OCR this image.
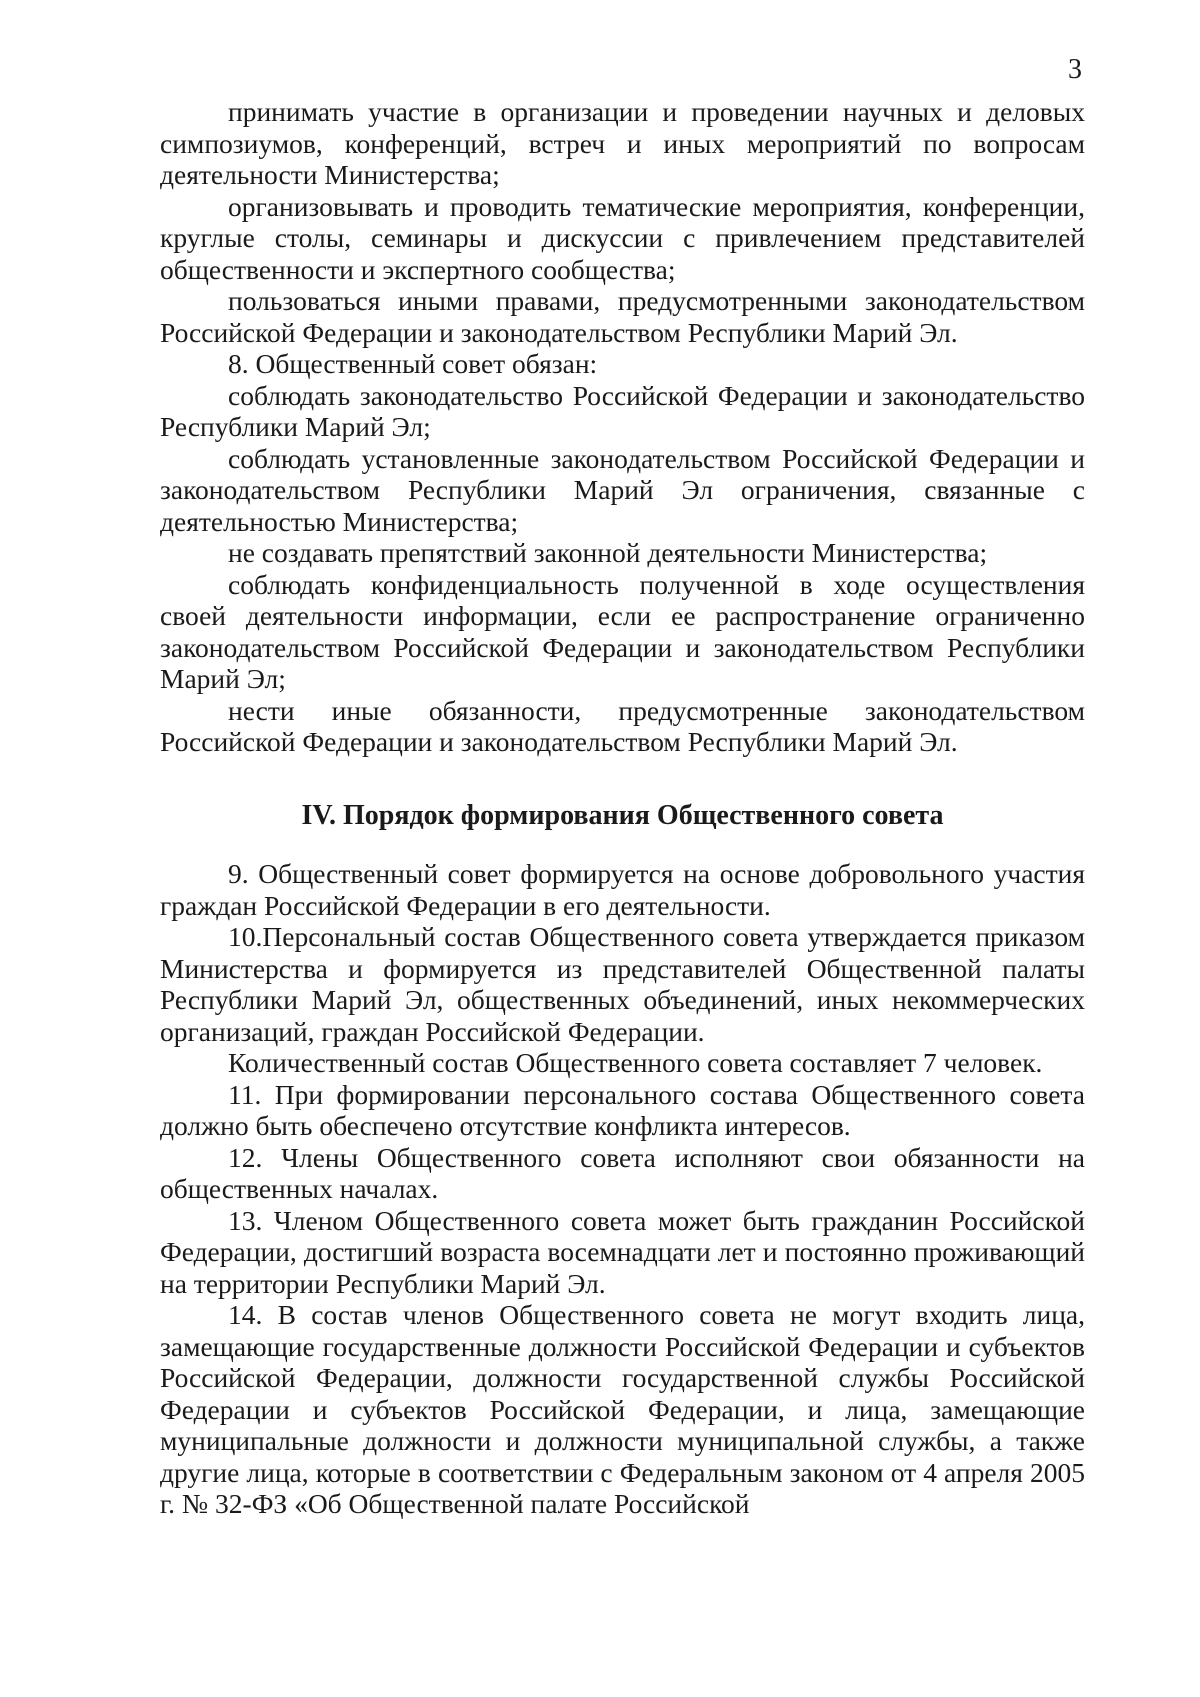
3

принимать участие в организации и проведении научных и деловых симпозиумов, конференций, встреч и иных мероприятий по вопросам деятельности Министерства;

организовывать и проводить тематические мероприятия, конференции, круглые столы, семинары и дискуссии с привлечением представителей общественности и экспертного сообщества;

пользоваться иными правами, предусмотренными законодательством Российской Федерации и законодательством Республики Марий Эл.

8. Общественный совет обязан:

соблюдать законодательство Российской Федерации и законодательство Республики Марий Эл;

соблюдать установленные законодательством Российской Федерации и законодательством Республики Марий Эл ограничения, связанные с деятельностью Министерства;

не создавать препятствий законной деятельности Министерства;

соблюдать конфиденциальность полученной в ходе осуществления своей деятельности информации, если ее распространение ограниченно законодательством Российской Федерации и законодательством Республики Марий Эл;

нести иные обязанности, предусмотренные законодательством Российской Федерации и законодательством Республики Марий Эл.

IV. Порядок формирования Общественного совета

9. Общественный совет формируется на основе добровольного участия граждан Российской Федерации в его деятельности.

10.Персональный состав Общественного совета утверждается приказом Министерства и формируется из представителей Общественной палаты Республики Марий Эл, общественных объединений, иных некоммерческих организаций, граждан Российской Федерации.

Количественный состав Общественного совета составляет 7 человек.

11. При формировании персонального состава Общественного совета должно быть обеспечено отсутствие конфликта интересов.

12. Члены Общественного совета исполняют свои обязанности на общественных началах.

13. Членом Общественного совета может быть гражданин Российской Федерации, достигший возраста восемнадцати лет и постоянно проживающий на территории Республики Марий Эл.

14. В состав членов Общественного совета не могут входить лица, замещающие государственные должности Российской Федерации и субъектов Российской Федерации, должности государственной службы Российской Федерации и субъектов Российской Федерации, и лица, замещающие муниципальные должности и должности муниципальной службы, а также другие лица, которые в соответствии с Федеральным законом от 4 апреля 2005 г. № 32-ФЗ «Об Общественной палате Российской
